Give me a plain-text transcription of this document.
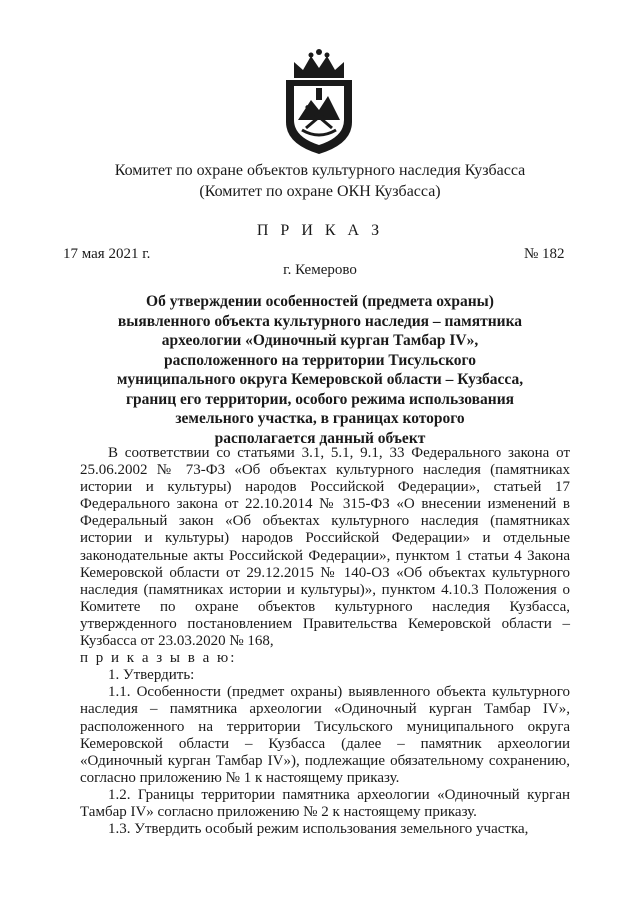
Комитет по охране объектов культурного наследия Кузбасса
(Комитет по охране ОКН Кузбасса)
П Р И К А З
17 мая 2021 г.	№ 182
г. Кемерово
Об утверждении особенностей (предмета охраны)
выявленного объекта культурного наследия – памятника
археологии «Одиночный курган Тамбар IV»,
расположенного на территории Тисульского
муниципального округа Кемеровской области – Кузбасса,
границ его территории, особого режима использования
земельного участка, в границах которого
располагается данный объект

В соответствии со статьями 3.1, 5.1, 9.1, 33 Федерального закона от 25.06.2002 № 73-ФЗ «Об объектах культурного наследия (памятниках истории и культуры) народов Российской Федерации», статьей 17 Федерального закона от 22.10.2014 № 315-ФЗ «О внесении изменений в Федеральный закон «Об объектах культурного наследия (памятниках истории и культуры) народов Российской Федерации» и отдельные законодательные акты Российской Федерации», пунктом 1 статьи 4 Закона Кемеровской области от 29.12.2015 № 140-ОЗ «Об объектах культурного наследия (памятниках истории и культуры)», пунктом 4.10.3 Положения о Комитете по охране объектов культурного наследия Кузбасса, утвержденного постановлением Правительства Кемеровской области – Кузбасса от 23.03.2020 № 168,

п р и к а з ы в а ю:

1. Утвердить:

1.1. Особенности (предмет охраны) выявленного объекта культурного наследия – памятника археологии «Одиночный курган Тамбар IV», расположенного на территории Тисульского муниципального округа Кемеровской области – Кузбасса (далее – памятник археологии «Одиночный курган Тамбар IV»), подлежащие обязательному сохранению, согласно приложению № 1 к настоящему приказу.

1.2. Границы территории памятника археологии «Одиночный курган Тамбар IV» согласно приложению № 2 к настоящему приказу.

1.3. Утвердить особый режим использования земельного участка,
